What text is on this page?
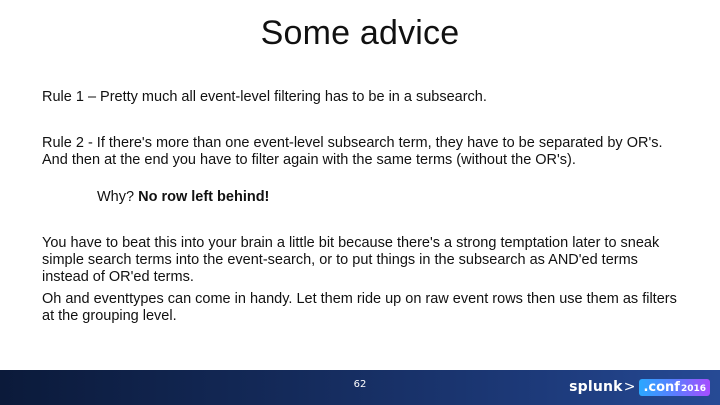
Some advice

Rule 1 – Pretty much all event-level filtering has to be in a subsearch.

Rule 2 - If there's more than one event-level subsearch term, they have to be separated by OR's. And then at the end you have to filter again with the same terms (without the OR's).

Why? No row left behind!

You have to beat this into your brain a little bit because there's a strong temptation later to sneak simple search terms into the event-search, or to put things in the subsearch as AND'ed terms instead of OR'ed terms.

Oh and eventtypes can come in handy. Let them ride up on raw event rows then use them as filters at the grouping level.

62	splunk > .conf 2016
